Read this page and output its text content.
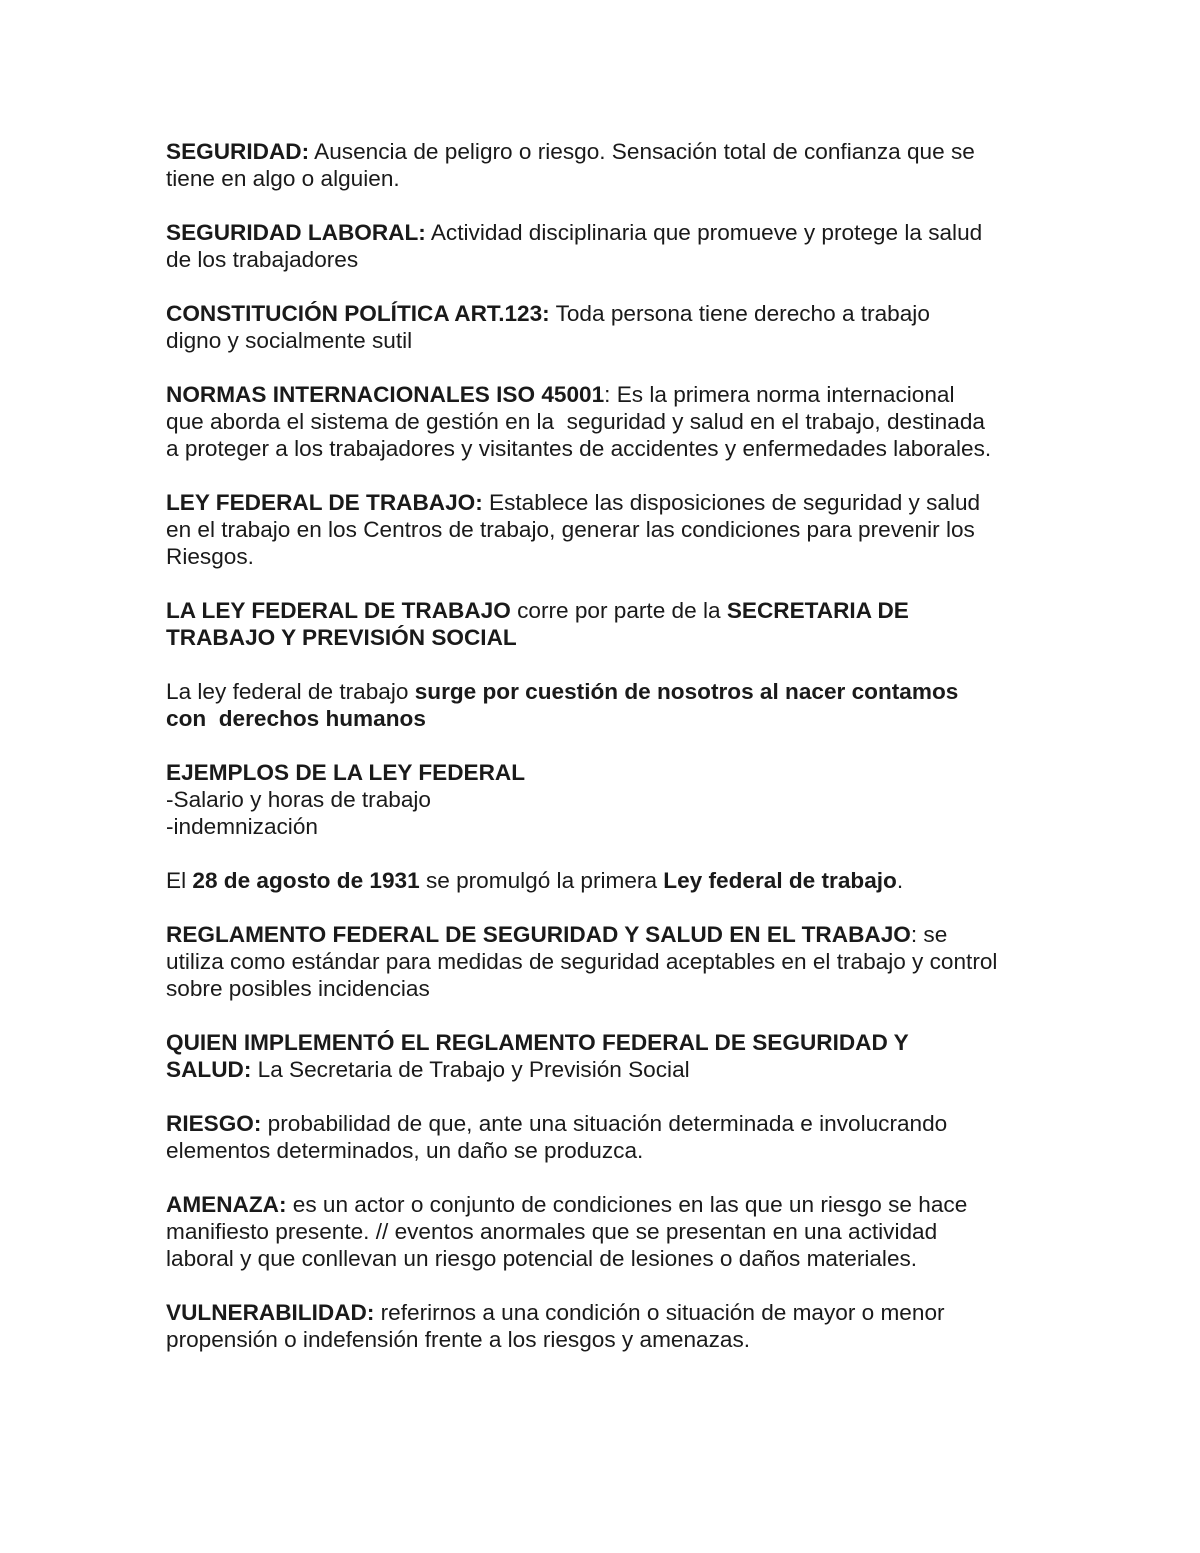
SEGURIDAD: Ausencia de peligro o riesgo. Sensación total de confianza que se
tiene en algo o alguien.

SEGURIDAD LABORAL: Actividad disciplinaria que promueve y protege la salud
de los trabajadores

CONSTITUCIÓN POLÍTICA ART.123: Toda persona tiene derecho a trabajo
digno y socialmente sutil

NORMAS INTERNACIONALES ISO 45001: Es la primera norma internacional
que aborda el sistema de gestión en la  seguridad y salud en el trabajo, destinada
a proteger a los trabajadores y visitantes de accidentes y enfermedades laborales.

LEY FEDERAL DE TRABAJO: Establece las disposiciones de seguridad y salud
en el trabajo en los Centros de trabajo, generar las condiciones para prevenir los
Riesgos.

LA LEY FEDERAL DE TRABAJO corre por parte de la SECRETARIA DE
TRABAJO Y PREVISIÓN SOCIAL

La ley federal de trabajo surge por cuestión de nosotros al nacer contamos
con  derechos humanos

EJEMPLOS DE LA LEY FEDERAL
-Salario y horas de trabajo
-indemnización

El 28 de agosto de 1931 se promulgó la primera Ley federal de trabajo.

REGLAMENTO FEDERAL DE SEGURIDAD Y SALUD EN EL TRABAJO: se
utiliza como estándar para medidas de seguridad aceptables en el trabajo y control
sobre posibles incidencias

QUIEN IMPLEMENTÓ EL REGLAMENTO FEDERAL DE SEGURIDAD Y
SALUD: La Secretaria de Trabajo y Previsión Social

RIESGO: probabilidad de que, ante una situación determinada e involucrando
elementos determinados, un daño se produzca.

AMENAZA: es un actor o conjunto de condiciones en las que un riesgo se hace
manifiesto presente. // eventos anormales que se presentan en una actividad
laboral y que conllevan un riesgo potencial de lesiones o daños materiales.

VULNERABILIDAD: referirnos a una condición o situación de mayor o menor
propensión o indefensión frente a los riesgos y amenazas.
